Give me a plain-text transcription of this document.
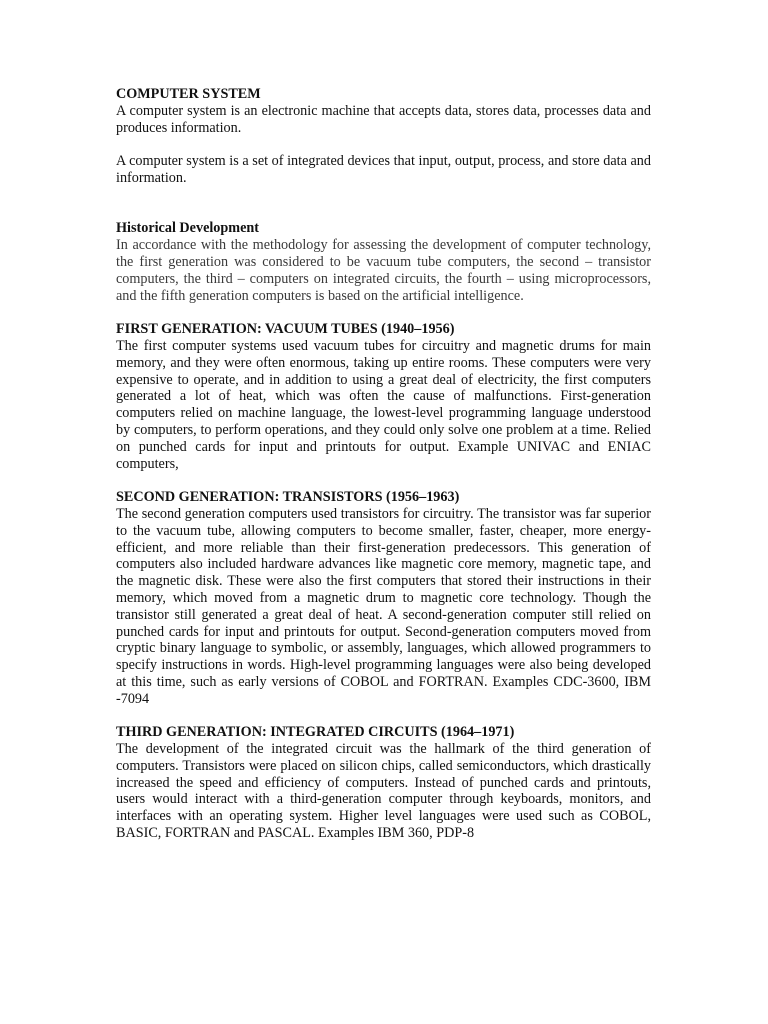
COMPUTER SYSTEM

A computer system is an electronic machine that accepts data, stores data, processes data and produces information.

A computer system is a set of integrated devices that input, output, process, and store data and information.

Historical Development

In accordance with the methodology for assessing the development of computer technology, the first generation was considered to be vacuum tube computers, the second – transistor computers, the third – computers on integrated circuits, the fourth – using microprocessors, and the fifth generation computers is based on the artificial intelligence.

FIRST GENERATION: VACUUM TUBES (1940–1956)

The first computer systems used vacuum tubes for circuitry and magnetic drums for main memory, and they were often enormous, taking up entire rooms. These computers were very expensive to operate, and in addition to using a great deal of electricity, the first computers generated a lot of heat, which was often the cause of malfunctions. First-generation computers relied on machine language, the lowest-level programming language understood by computers, to perform operations, and they could only solve one problem at a time. Relied on punched cards for input and printouts for output. Example UNIVAC and ENIAC computers,

SECOND GENERATION: TRANSISTORS (1956–1963)

The second generation computers used transistors for circuitry. The transistor was far superior to the vacuum tube, allowing computers to become smaller, faster, cheaper, more energy-efficient, and more reliable than their first-generation predecessors. This generation of computers also included hardware advances like magnetic core memory, magnetic tape, and the magnetic disk. These were also the first computers that stored their instructions in their memory, which moved from a magnetic drum to magnetic core technology. Though the transistor still generated a great deal of heat. A second-generation computer still relied on punched cards for input and printouts for output. Second-generation computers moved from cryptic binary language to symbolic, or assembly, languages, which allowed programmers to specify instructions in words. High-level programming languages were also being developed at this time, such as early versions of COBOL and FORTRAN. Examples CDC-3600, IBM -7094

THIRD GENERATION: INTEGRATED CIRCUITS (1964–1971)

The development of the integrated circuit was the hallmark of the third generation of computers. Transistors were placed on silicon chips, called semiconductors, which drastically increased the speed and efficiency of computers. Instead of punched cards and printouts, users would interact with a third-generation computer through keyboards, monitors, and interfaces with an operating system. Higher level languages were used such as COBOL, BASIC, FORTRAN and PASCAL. Examples IBM 360, PDP-8
